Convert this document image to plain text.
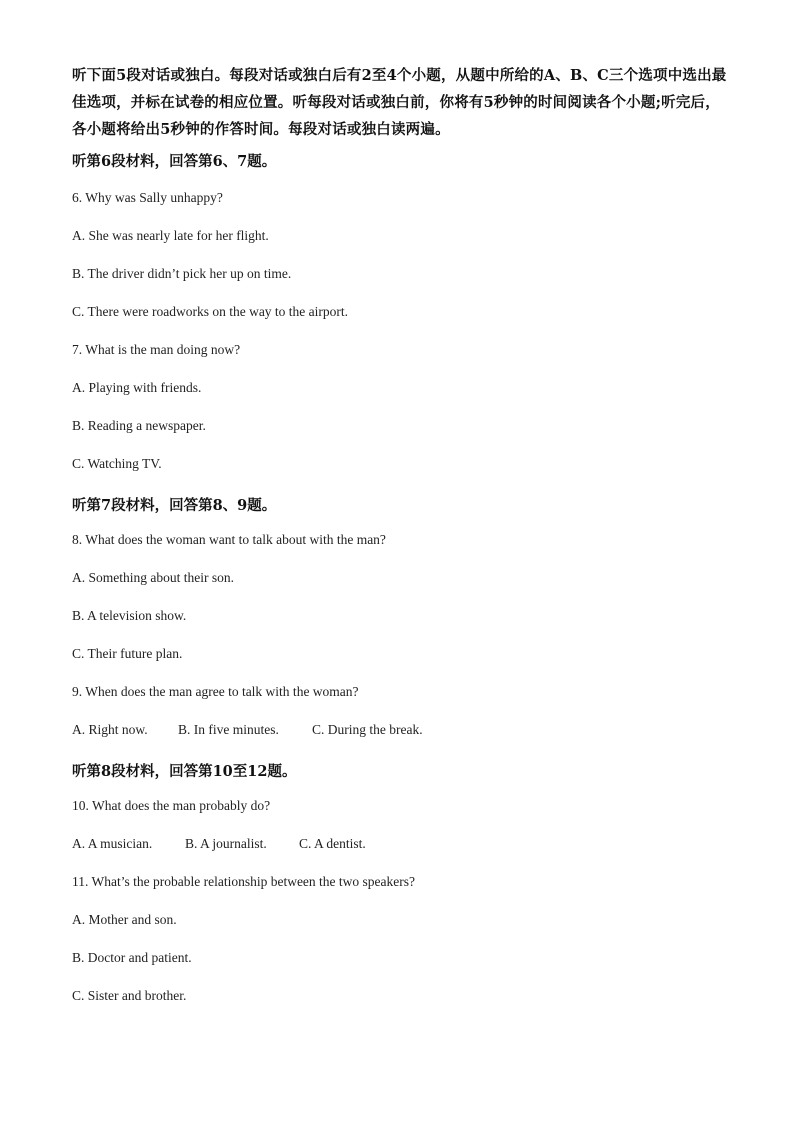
听下面5段对话或独白。每段对话或独白后有2至4个小题，从题中所给的A、B、C三个选项中选出最佳选项，并标在试卷的相应位置。听每段对话或独白前，你将有5秒钟的时间阅读各个小题;听完后，各小题将给出5秒钟的作答时间。每段对话或独白读两遍。
听第6段材料，回答第6、7题。
6. Why was Sally unhappy?
A. She was nearly late for her flight.
B. The driver didn’t pick her up on time.
C. There were roadworks on the way to the airport.
7. What is the man doing now?
A. Playing with friends.
B. Reading a newspaper.
C. Watching TV.
听第7段材料，回答第8、9题。
8. What does the woman want to talk about with the man?
A. Something about their son.
B. A television show.
C. Their future plan.
9. When does the man agree to talk with the woman?
A. Right now. B. In five minutes. C. During the break.
听第8段材料，回答第10至12题。
10. What does the man probably do?
A. A musician. B. A journalist. C. A dentist.
11. What’s the probable relationship between the two speakers?
A. Mother and son.
B. Doctor and patient.
C. Sister and brother.
